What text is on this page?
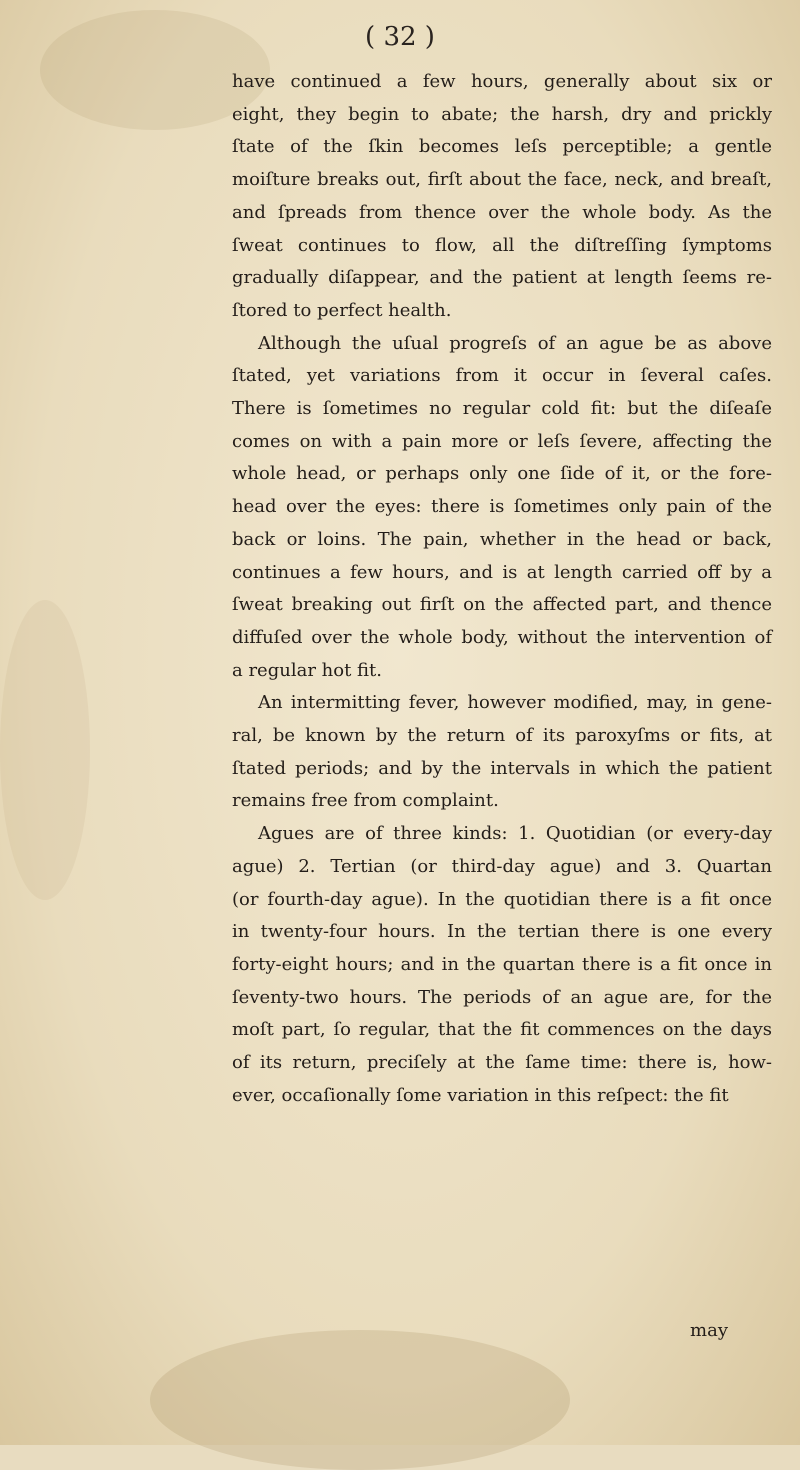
( 32 )
have continued a few hours, generally about six or
eight, they begin to abate; the harsh, dry and prickly
ſtate of the ſkin becomes leſs perceptible; a gentle
moiſture breaks out, firſt about the face, neck, and breaſt,
and ſpreads from thence over the whole body. As the
ſweat continues to flow, all the diſtreſſing ſymptoms
gradually diſappear, and the patient at length ſeems re-
ſtored to perfect health.
Although the uſual progreſs of an ague be as above
ſtated, yet variations from it occur in ſeveral caſes.
There is ſometimes no regular cold fit: but the diſeaſe
comes on with a pain more or leſs ſevere, affecting the
whole head, or perhaps only one ſide of it, or the fore-
head over the eyes: there is ſometimes only pain of the
back or loins. The pain, whether in the head or back,
continues a few hours, and is at length carried off by a
ſweat breaking out firſt on the affected part, and thence
diffuſed over the whole body, without the intervention of
a regular hot fit.
An intermitting fever, however modified, may, in gene-
ral, be known by the return of its paroxyſms or fits, at
ſtated periods; and by the intervals in which the patient
remains free from complaint.
Agues are of three kinds: 1. Quotidian (or every-day
ague) 2. Tertian (or third-day ague) and 3. Quartan
(or fourth-day ague). In the quotidian there is a fit once
in twenty-four hours. In the tertian there is one every
forty-eight hours; and in the quartan there is a fit once in
ſeventy-two hours. The periods of an ague are, for the
moſt part, ſo regular, that the fit commences on the days
of its return, preciſely at the ſame time: there is, how-
ever, occaſionally ſome variation in this reſpect: the fit
may
